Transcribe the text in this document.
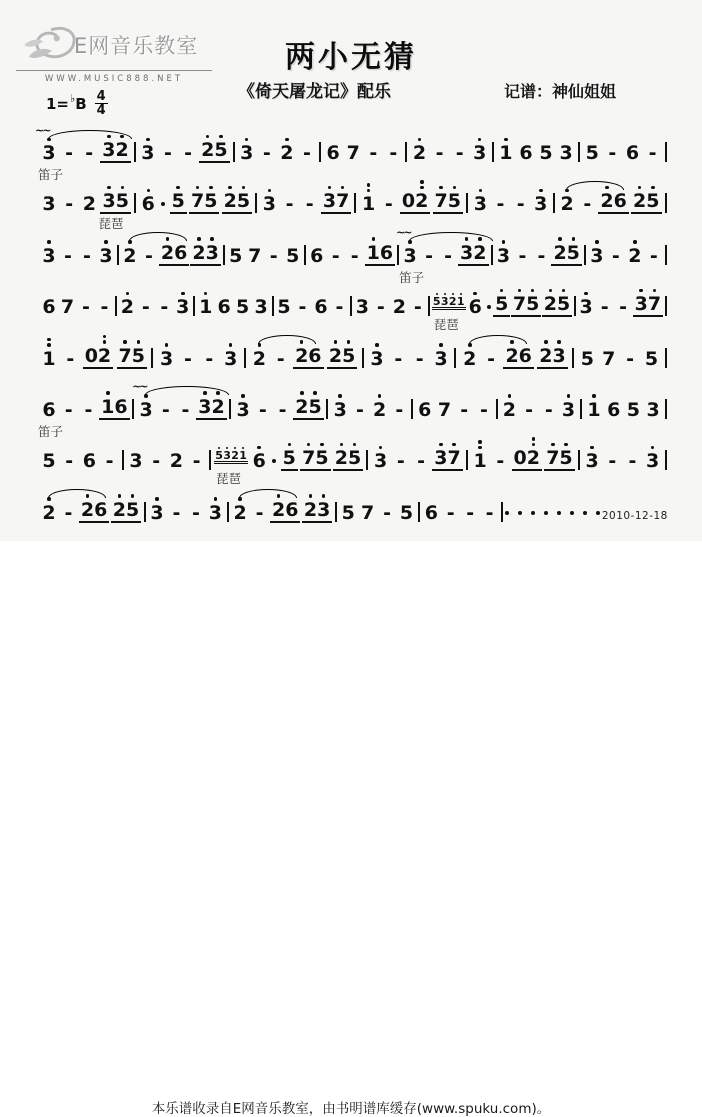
E网音乐教室
WWW.MUSIC888.NET
两小无猜
《倚天屠龙记》配乐	记谱：神仙姐姐
1= ♭ B $\frac{4}{4}$
3
~~
笛子
- - 3 2 3 - - 2 5 3 - 2 - 6 7 - - 2 - - 3 1 6 5 3 5 - 6 -
3 - 2 3 5
琵琶
6 5 7 5 2 5 3 - - 3 7 1 - 0 2 7 5 3 - - 3 2 - 2 6 2 5
3 - - 3 2 - 2 6 2 3 5 7 - 5 6 - - 1 6 3
~~
笛子
- - 3 2 3 - - 2 5 3 - 2 -
6 7 - - 2 - - 3 1 6 5 3 5 - 6 - 3 - 2 -	5 3 2 1
琵琶
6 5 7 5 2 5 3 - - 3 7
1 - 0 2 7 5 3 - - 3 2 - 2 6 2 5 3 - - 3 2 - 2 6 2 3 5 7 - 5
6
笛子
- - 1 6 3
~~
- - 3 2 3 - - 2 5 3 - 2 - 6 7 - - 2 - - 3 1 6 5 3
5 - 6 - 3 - 2 -	5 3 2 1
琵琶
6 5 7 5 2 5 3 - - 3 7 1 - 0 2 7 5 3 - - 3
2 - 2 6 2 5 3 - - 3 2 - 2 6 2 3 5 7 - 5 6 - - -	2010-12-18
本乐谱收录自E网音乐教室，由书明谱库缓存(www.spuku.com)。
